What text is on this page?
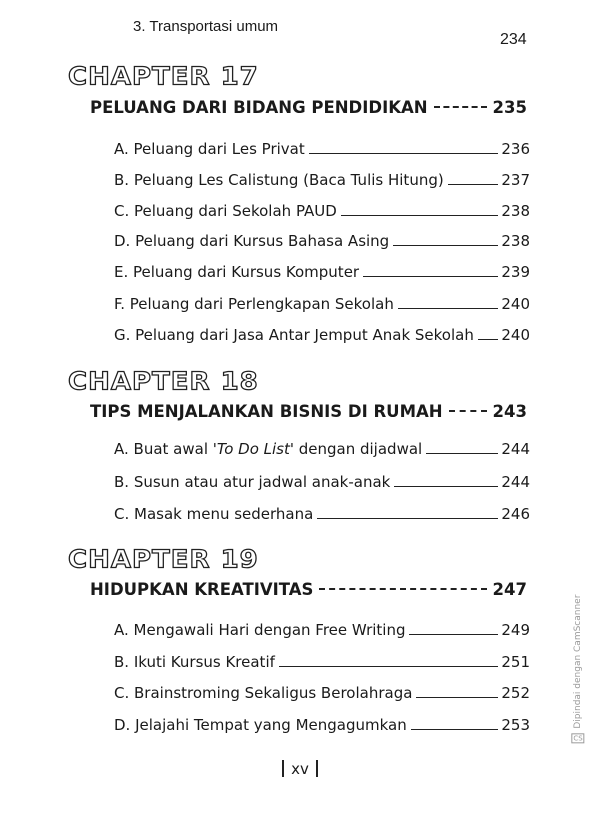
3. Transportasi umum
234
CHAPTER 17
PELUANG DARI BIDANG PENDIDIKAN	235
A. Peluang dari Les Privat	236
B. Peluang Les Calistung (Baca Tulis Hitung)	237
C. Peluang dari Sekolah PAUD	238
D. Peluang dari Kursus Bahasa Asing	238
E. Peluang dari Kursus Komputer	239
F. Peluang dari Perlengkapan Sekolah	240
G. Peluang dari Jasa Antar Jemput Anak Sekolah 240
CHAPTER 18
TIPS MENJALANKAN BISNIS DI RUMAH	243
A. Buat awal 'To Do List' dengan dijadwal	244
B. Susun atau atur jadwal anak-anak	244
C. Masak menu sederhana	246
CHAPTER 19
HIDUPKAN KREATIVITAS	247
A. Mengawali Hari dengan Free Writing	249
B. Ikuti Kursus Kreatif	251
C. Brainstroming Sekaligus Berolahraga	252
D. Jelajahi Tempat yang Mengagumkan	253
xv
CSDipindai dengan CamScanner
